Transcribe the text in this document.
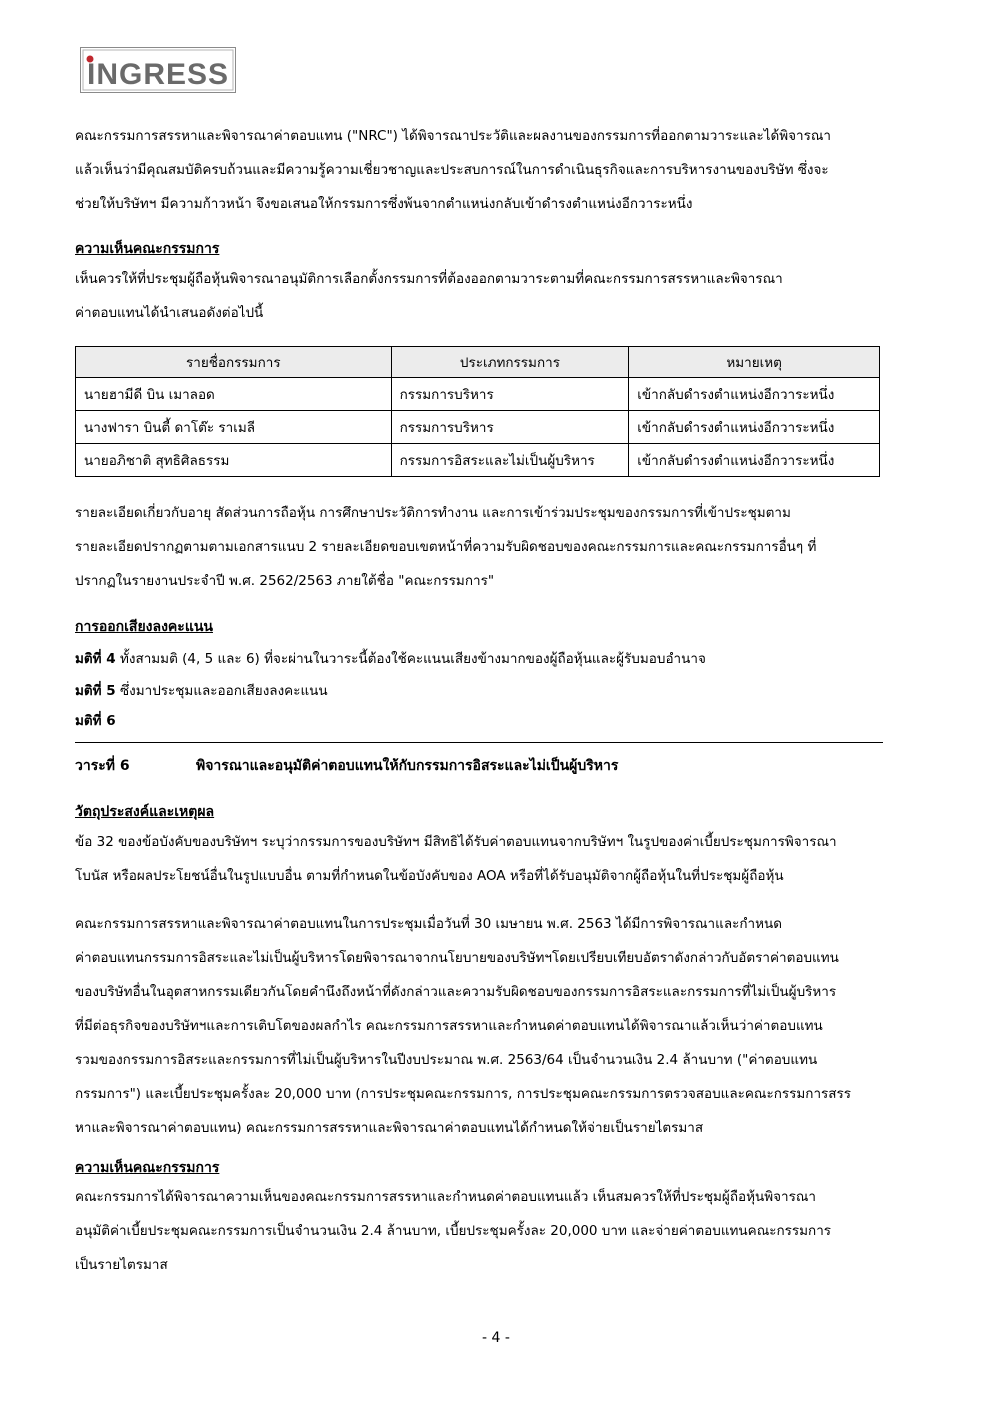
INGRESS
คณะกรรมการสรรหาและพิจารณาค่าตอบแทน ("NRC") ได้พิจารณาประวัติและผลงานของกรรมการที่ออกตามวาระและได้พิจารณา
แล้วเห็นว่ามีคุณสมบัติครบถ้วนและมีความรู้ความเชี่ยวชาญและประสบการณ์ในการดำเนินธุรกิจและการบริหารงานของบริษัท ซึ่งจะ
ช่วยให้บริษัทฯ มีความก้าวหน้า จึงขอเสนอให้กรรมการซึ่งพ้นจากตำแหน่งกลับเข้าดำรงตำแหน่งอีกวาระหนึ่ง
ความเห็นคณะกรรมการ
เห็นควรให้ที่ประชุมผู้ถือหุ้นพิจารณาอนุมัติการเลือกตั้งกรรมการที่ต้องออกตามวาระตามที่คณะกรรมการสรรหาและพิจารณา
ค่าตอบแทนได้นำเสนอดังต่อไปนี้
รายชื่อกรรมการ	ประเภทกรรมการ	หมายเหตุ
นายฮามีดี บิน เมาลอด	กรรมการบริหาร	เข้ากลับดำรงตำแหน่งอีกวาระหนึ่ง
นางฟารา บินตี้ ดาโต๊ะ ราเมลี	กรรมการบริหาร	เข้ากลับดำรงตำแหน่งอีกวาระหนึ่ง
นายอภิชาติ สุทธิศิลธรรม	กรรมการอิสระและไม่เป็นผู้บริหาร	เข้ากลับดำรงตำแหน่งอีกวาระหนึ่ง
รายละเอียดเกี่ยวกับอายุ สัดส่วนการถือหุ้น การศึกษาประวัติการทำงาน และการเข้าร่วมประชุมของกรรมการที่เข้าประชุมตาม
รายละเอียดปรากฏตามตามเอกสารแนบ 2 รายละเอียดขอบเขตหน้าที่ความรับผิดชอบของคณะกรรมการและคณะกรรมการอื่นๆ ที่
ปรากฏในรายงานประจำปี พ.ศ. 2562/2563 ภายใต้ชื่อ "คณะกรรมการ"
การออกเสียงลงคะแนน
มติที่ 4 ทั้งสามมติ (4, 5 และ 6) ที่จะผ่านในวาระนี้ต้องใช้คะแนนเสียงข้างมากของผู้ถือหุ้นและผู้รับมอบอำนาจ
มติที่ 5 ซึ่งมาประชุมและออกเสียงลงคะแนน
มติที่ 6
วาระที่ 6	พิจารณาและอนุมัติค่าตอบแทนให้กับกรรมการอิสระและไม่เป็นผู้บริหาร
วัตถุประสงค์และเหตุผล
ข้อ 32 ของข้อบังคับของบริษัทฯ ระบุว่ากรรมการของบริษัทฯ มีสิทธิได้รับค่าตอบแทนจากบริษัทฯ ในรูปของค่าเบี้ยประชุมการพิจารณา
โบนัส หรือผลประโยชน์อื่นในรูปแบบอื่น ตามที่กำหนดในข้อบังคับของ AOA หรือที่ได้รับอนุมัติจากผู้ถือหุ้นในที่ประชุมผู้ถือหุ้น
คณะกรรมการสรรหาและพิจารณาค่าตอบแทนในการประชุมเมื่อวันที่ 30 เมษายน พ.ศ. 2563 ได้มีการพิจารณาและกำหนด
ค่าตอบแทนกรรมการอิสระและไม่เป็นผู้บริหารโดยพิจารณาจากนโยบายของบริษัทฯโดยเปรียบเทียบอัตราดังกล่าวกับอัตราค่าตอบแทน
ของบริษัทอื่นในอุตสาหกรรมเดียวกันโดยคำนึงถึงหน้าที่ดังกล่าวและความรับผิดชอบของกรรมการอิสระและกรรมการที่ไม่เป็นผู้บริหาร
ที่มีต่อธุรกิจของบริษัทฯและการเติบโตของผลกำไร คณะกรรมการสรรหาและกำหนดค่าตอบแทนได้พิจารณาแล้วเห็นว่าค่าตอบแทน
รวมของกรรมการอิสระและกรรมการที่ไม่เป็นผู้บริหารในปีงบประมาณ พ.ศ. 2563/64 เป็นจำนวนเงิน 2.4 ล้านบาท ("ค่าตอบแทน
กรรมการ") และเบี้ยประชุมครั้งละ 20,000 บาท (การประชุมคณะกรรมการ, การประชุมคณะกรรมการตรวจสอบและคณะกรรมการสรร
หาและพิจารณาค่าตอบแทน) คณะกรรมการสรรหาและพิจารณาค่าตอบแทนได้กำหนดให้จ่ายเป็นรายไตรมาส
ความเห็นคณะกรรมการ
คณะกรรมการได้พิจารณาความเห็นของคณะกรรมการสรรหาและกำหนดค่าตอบแทนแล้ว เห็นสมควรให้ที่ประชุมผู้ถือหุ้นพิจารณา
อนุมัติค่าเบี้ยประชุมคณะกรรมการเป็นจำนวนเงิน 2.4 ล้านบาท, เบี้ยประชุมครั้งละ 20,000 บาท และจ่ายค่าตอบแทนคณะกรรมการ
เป็นรายไตรมาส
- 4 -
